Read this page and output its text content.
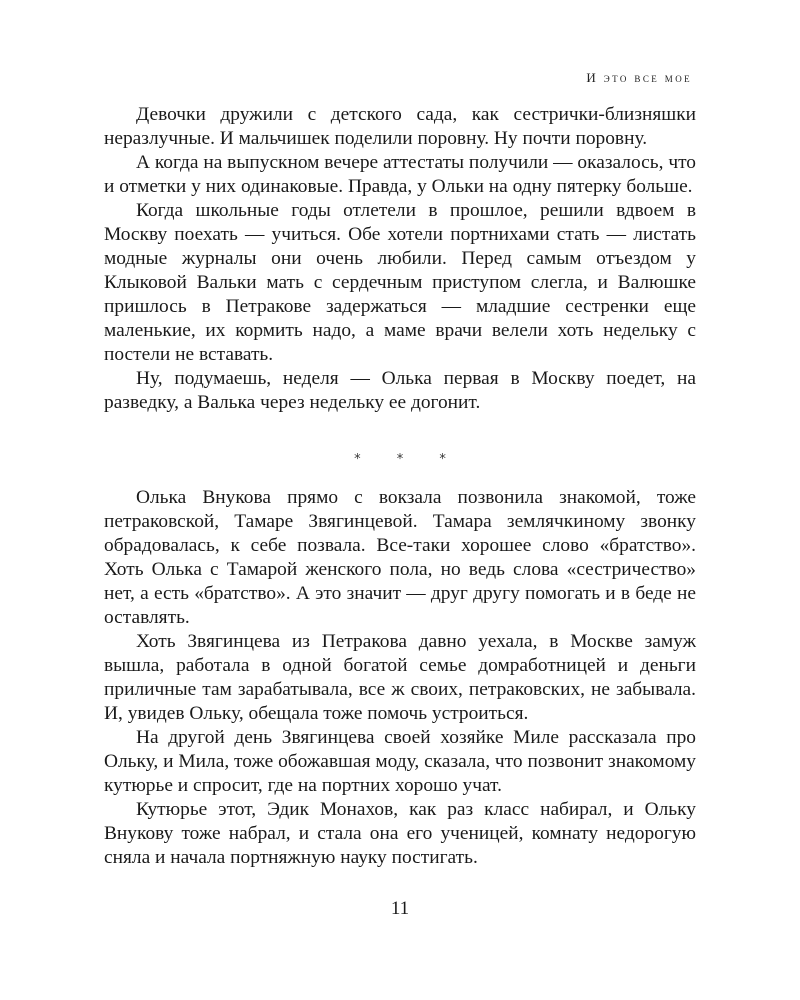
И это все мое

Девочки дружили с детского сада, как сестрички-близняшки неразлучные. И мальчишек поделили поровну. Ну почти поровну.

А когда на выпускном вечере аттестаты получили — оказалось, что и отметки у них одинаковые. Правда, у Ольки на одну пятерку больше.

Когда школьные годы отлетели в прошлое, решили вдвоем в Москву поехать — учиться. Обе хотели портнихами стать — листать модные журналы они очень любили. Перед самым отъездом у Клыковой Вальки мать с сердечным приступом слегла, и Валюшке пришлось в Петракове задержаться — младшие сестренки еще маленькие, их кормить надо, а маме врачи велели хоть недельку с постели не вставать.

Ну, подумаешь, неделя — Олька первая в Москву поедет, на разведку, а Валька через недельку ее догонит.

* * *

Олька Внукова прямо с вокзала позвонила знакомой, тоже петраковской, Тамаре Звягинцевой. Тамара землячкиному звонку обрадовалась, к себе позвала. Все-таки хорошее слово «братство». Хоть Олька с Тамарой женского пола, но ведь слова «сестричество» нет, а есть «братство». А это значит — друг другу помогать и в беде не оставлять.

Хоть Звягинцева из Петракова давно уехала, в Москве замуж вышла, работала в одной богатой семье домработницей и деньги приличные там зарабатывала, все ж своих, петраковских, не забывала. И, увидев Ольку, обещала тоже помочь устроиться.

На другой день Звягинцева своей хозяйке Миле рассказала про Ольку, и Мила, тоже обожавшая моду, сказала, что позвонит знакомому кутюрье и спросит, где на портних хорошо учат.

Кутюрье этот, Эдик Монахов, как раз класс набирал, и Ольку Внукову тоже набрал, и стала она его ученицей, комнату недорогую сняла и начала портняжную науку постигать.

11
